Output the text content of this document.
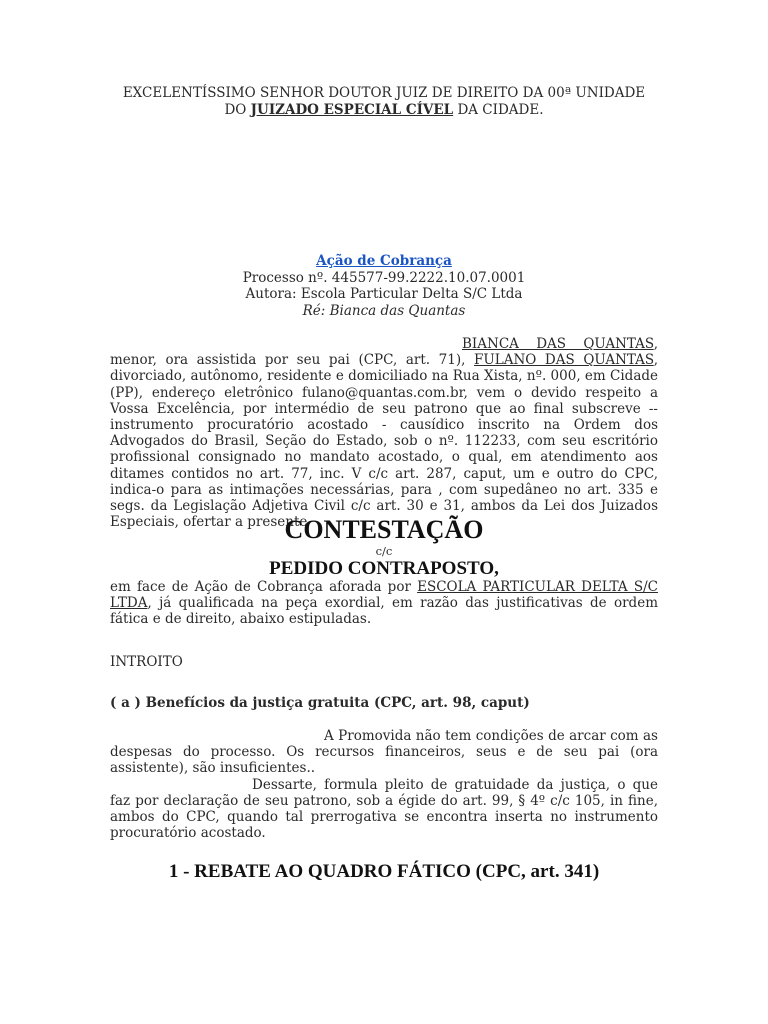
EXCELENTÍSSIMO SENHOR DOUTOR JUIZ DE DIREITO DA 00ª UNIDADE
DO JUIZADO ESPECIAL CÍVEL DA CIDADE.
Ação de Cobrança
Processo nº. 445577-99.2222.10.07.0001
Autora: Escola Particular Delta S/C Ltda
Ré: Bianca das Quantas
BIANCA DAS QUANTAS, menor, ora assistida por seu pai (CPC, art. 71), FULANO DAS QUANTAS, divorciado, autônomo, residente e domiciliado na Rua Xista, nº. 000, em Cidade (PP), endereço eletrônico fulano@quantas.com.br, vem o devido respeito a Vossa Excelência, por intermédio de seu patrono que ao final subscreve -- instrumento procuratório acostado - causídico inscrito na Ordem dos Advogados do Brasil, Seção do Estado, sob o nº. 112233, com seu escritório profissional consignado no mandato acostado, o qual, em atendimento aos ditames contidos no art. 77, inc. V c/c art. 287, caput, um e outro do CPC, indica-o para as intimações necessárias, para , com supedâneo no art. 335 e segs. da Legislação Adjetiva Civil c/c art. 30 e 31, ambos da Lei dos Juizados Especiais, ofertar a presente
CONTESTAÇÃO
c/c
PEDIDO CONTRAPOSTO,
em face de Ação de Cobrança aforada por ESCOLA PARTICULAR DELTA S/C LTDA, já qualificada na peça exordial, em razão das justificativas de ordem fática e de direito, abaixo estipuladas.
INTROITO
( a ) Benefícios da justiça gratuita (CPC, art. 98, caput)
A Promovida não tem condições de arcar com as despesas do processo. Os recursos financeiros, seus e de seu pai (ora assistente), são insuficientes..
Dessarte, formula pleito de gratuidade da justiça, o que faz por declaração de seu patrono, sob a égide do art. 99, § 4º c/c 105, in fine, ambos do CPC, quando tal prerrogativa se encontra inserta no instrumento procuratório acostado.
1 - REBATE AO QUADRO FÁTICO (CPC, art. 341)
